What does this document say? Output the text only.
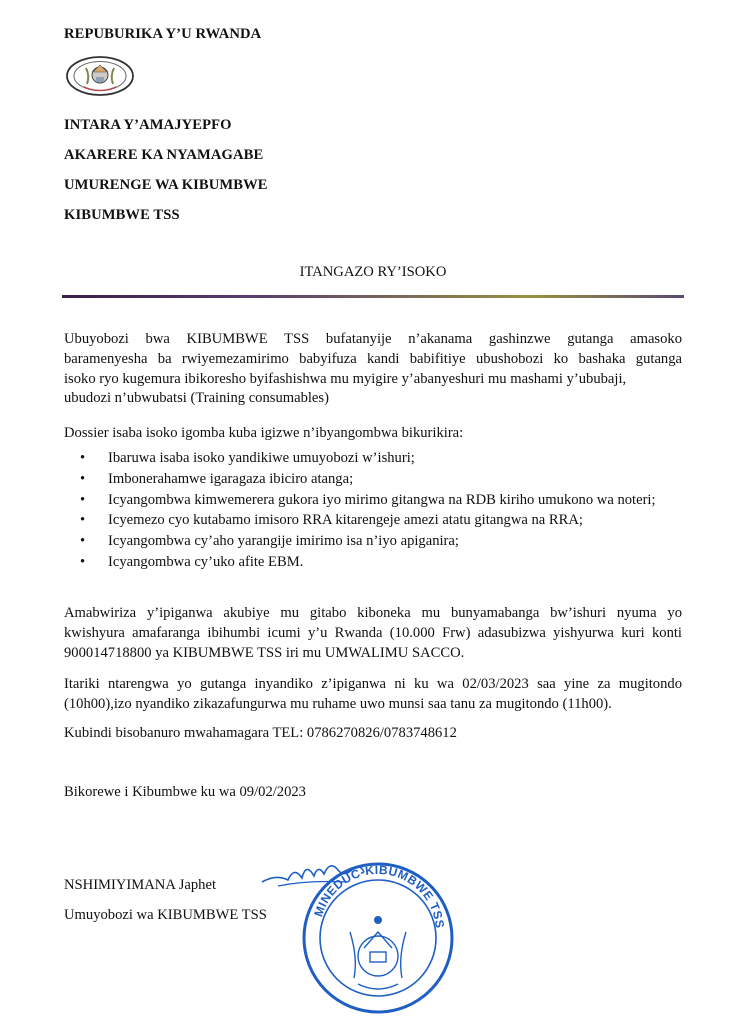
REPUBURIKA Y’U RWANDA
INTARA Y’AMAJYEPFO
AKARERE KA NYAMAGABE
UMURENGE WA KIBUMBWE
KIBUMBWE TSS
ITANGAZO RY’ISOKO
Ubuyobozi bwa KIBUMBWE TSS bufatanyije n’akanama gashinzwe gutanga amasoko
baramenyesha ba rwiyemezamirimo babyifuza kandi babifitiye ubushobozi ko bashaka gutanga
isoko ryo kugemura ibikoresho byifashishwa mu myigire y’abanyeshuri mu mashami y’ububaji,
ubudozi n’ubwubatsi (Training consumables)
Dossier isaba isoko igomba kuba igizwe n’ibyangombwa bikurikira:
• Ibaruwa isaba isoko yandikiwe umuyobozi w’ishuri;
• Imbonerahamwe igaragaza ibiciro atanga;
• Icyangombwa kimwemerera gukora iyo mirimo gitangwa na RDB kiriho umukono wa noteri;
• Icyemezo cyo kutabamo imisoro RRA kitarengeje amezi atatu gitangwa na RRA;
• Icyangombwa cy’aho yarangije imirimo isa n’iyo apiganira;
• Icyangombwa cy’uko afite EBM.
Amabwiriza y’ipiganwa akubiye mu gitabo kiboneka mu bunyamabanga bw’ishuri nyuma yo
kwishyura amafaranga ibihumbi icumi y’u Rwanda (10.000 Frw) adasubizwa yishyurwa kuri konti
900014718800 ya KIBUMBWE TSS iri mu UMWALIMU SACCO.
Itariki ntarengwa yo gutanga inyandiko z’ipiganwa ni ku wa 02/03/2023 saa yine za mugitondo
(10h00),izo nyandiko zikazafungurwa mu ruhame uwo munsi saa tanu za mugitondo (11h00).
Kubindi bisobanuro mwahamagara TEL: 0786270826/0783748612
Bikorewe i Kibumbwe ku wa 09/02/2023
NSHIMIYIMANA Japhet
Umuyobozi wa KIBUMBWE TSS	MINEDUC-KIBUMBWE TSS
